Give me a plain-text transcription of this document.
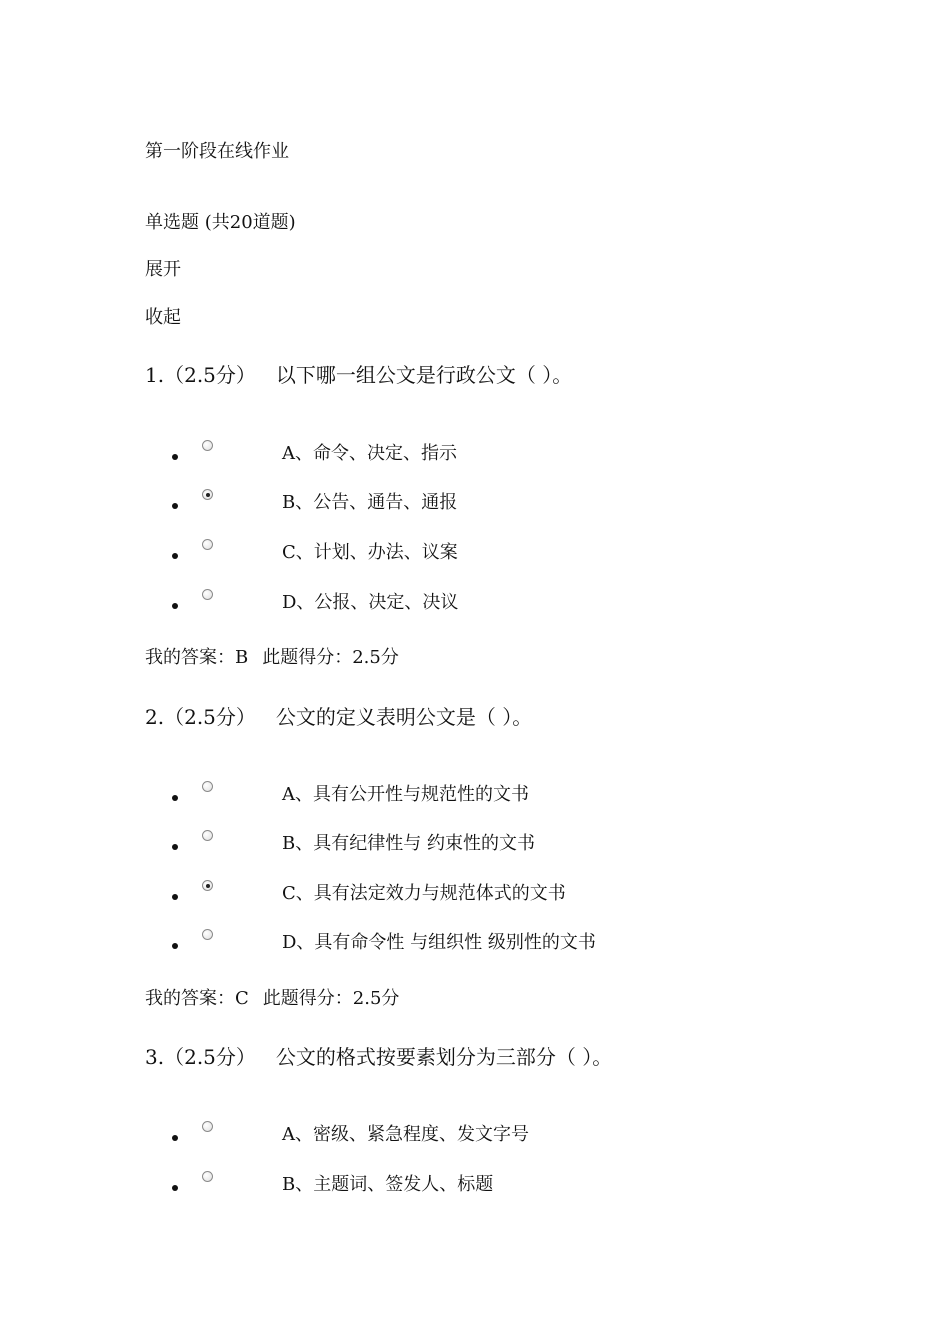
第一阶段在线作业
单选题 (共20道题)
展开
收起
1.（2.5分） 以下哪一组公文是行政公文（ ）。
A、命令、决定、指示
B、公告、通告、通报
C、计划、办法、议案
D、公报、决定、决议
我的答案：B 此题得分：2.5分
2.（2.5分） 公文的定义表明公文是（ ）。
A、具有公开性与规范性的文书
B、具有纪律性与 约束性的文书
C、具有法定效力与规范体式的文书
D、具有命令性 与组织性 级别性的文书
我的答案：C 此题得分：2.5分
3.（2.5分） 公文的格式按要素划分为三部分（ ）。
A、密级、紧急程度、发文字号
B、主题词、签发人、标题
